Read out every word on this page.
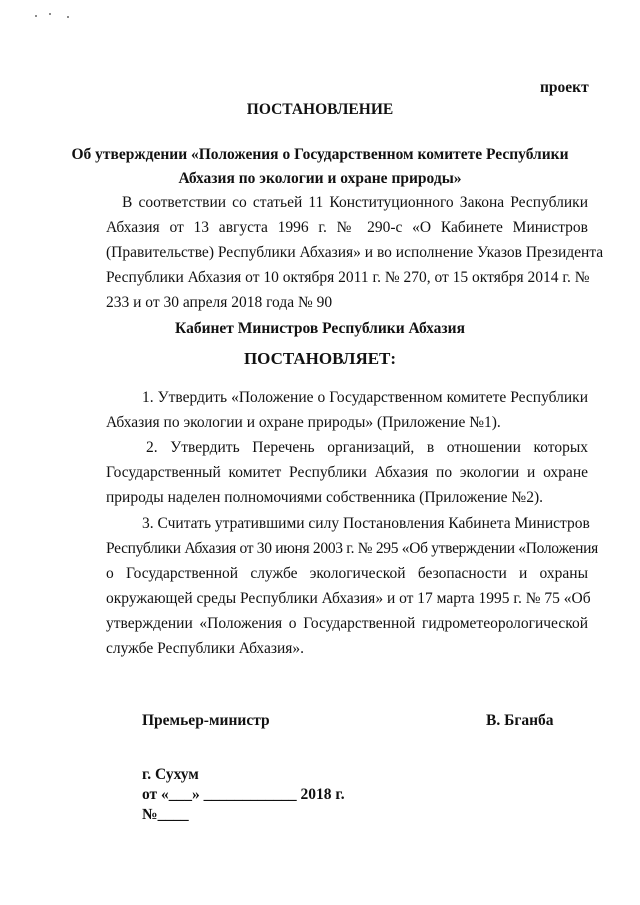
проект
ПОСТАНОВЛЕНИЕ
Об утверждении «Положения о Государственном комитете Республики
Абхазия по экологии и охране природы»
В соответствии со статьей 11 Конституционного Закона Республики
Абхазия от 13 августа 1996 г. № 290-с «О Кабинете Министров
(Правительстве) Республики Абхазия» и во исполнение Указов Президента
Республики Абхазия от 10 октября 2011 г. № 270, от 15 октября 2014 г. №
233 и от 30 апреля 2018 года № 90
Кабинет Министров Республики Абхазия
ПОСТАНОВЛЯЕТ:
1. Утвердить «Положение о Государственном комитете Республики
Абхазия по экологии и охране природы» (Приложение №1).
2. Утвердить Перечень организаций, в отношении которых
Государственный комитет Республики Абхазия по экологии и охране
природы наделен полномочиями собственника (Приложение №2).
3. Считать утратившими силу Постановления Кабинета Министров
Республики Абхазия от 30 июня 2003 г. № 295 «Об утверждении «Положения
о Государственной службе экологической безопасности и охраны
окружающей среды Республики Абхазия» и от 17 марта 1995 г. № 75 «Об
утверждении «Положения о Государственной гидрометеорологической
службе Республики Абхазия».
Премьер-министр	В. Бганба
г. Сухум
от «___» ____________ 2018 г.
№____
